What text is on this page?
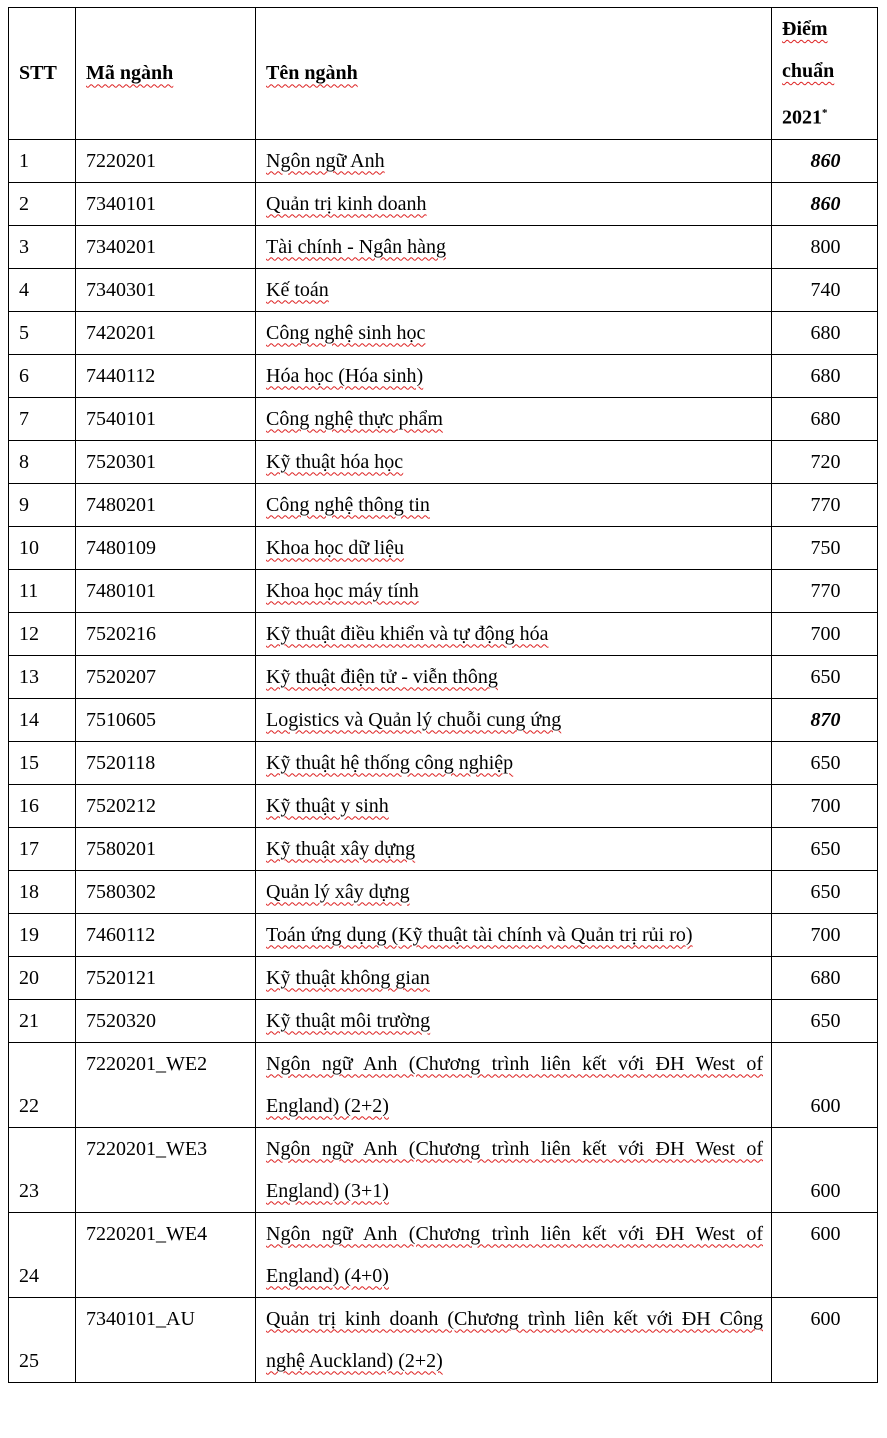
STT	Mã ngành	Tên ngành	Điểm
chuẩn
2021*
1	7220201	Ngôn ngữ Anh	860
2	7340101	Quản trị kinh doanh	860
3	7340201	Tài chính - Ngân hàng	800
4	7340301	Kế toán	740
5	7420201	Công nghệ sinh học	680
6	7440112	Hóa học (Hóa sinh)	680
7	7540101	Công nghệ thực phẩm	680
8	7520301	Kỹ thuật hóa học	720
9	7480201	Công nghệ thông tin	770
10	7480109	Khoa học dữ liệu	750
11	7480101	Khoa học máy tính	770
12	7520216	Kỹ thuật điều khiển và tự động hóa	700
13	7520207	Kỹ thuật điện tử - viễn thông	650
14	7510605	Logistics và Quản lý chuỗi cung ứng	870
15	7520118	Kỹ thuật hệ thống công nghiệp	650
16	7520212	Kỹ thuật y sinh	700
17	7580201	Kỹ thuật xây dựng	650
18	7580302	Quản lý xây dựng	650
19	7460112	Toán ứng dụng (Kỹ thuật tài chính và Quản trị rủi ro)	700
20	7520121	Kỹ thuật không gian	680
21	7520320	Kỹ thuật môi trường	650
22	7220201_WE2	Ngôn ngữ Anh (Chương trình liên kết với ĐH West of England) (2+2)	600
23	7220201_WE3	Ngôn ngữ Anh (Chương trình liên kết với ĐH West of England) (3+1)	600
24	7220201_WE4	Ngôn ngữ Anh (Chương trình liên kết với ĐH West of England) (4+0)	600
25	7340101_AU	Quản trị kinh doanh (Chương trình liên kết với ĐH Công nghệ Auckland) (2+2)	600
